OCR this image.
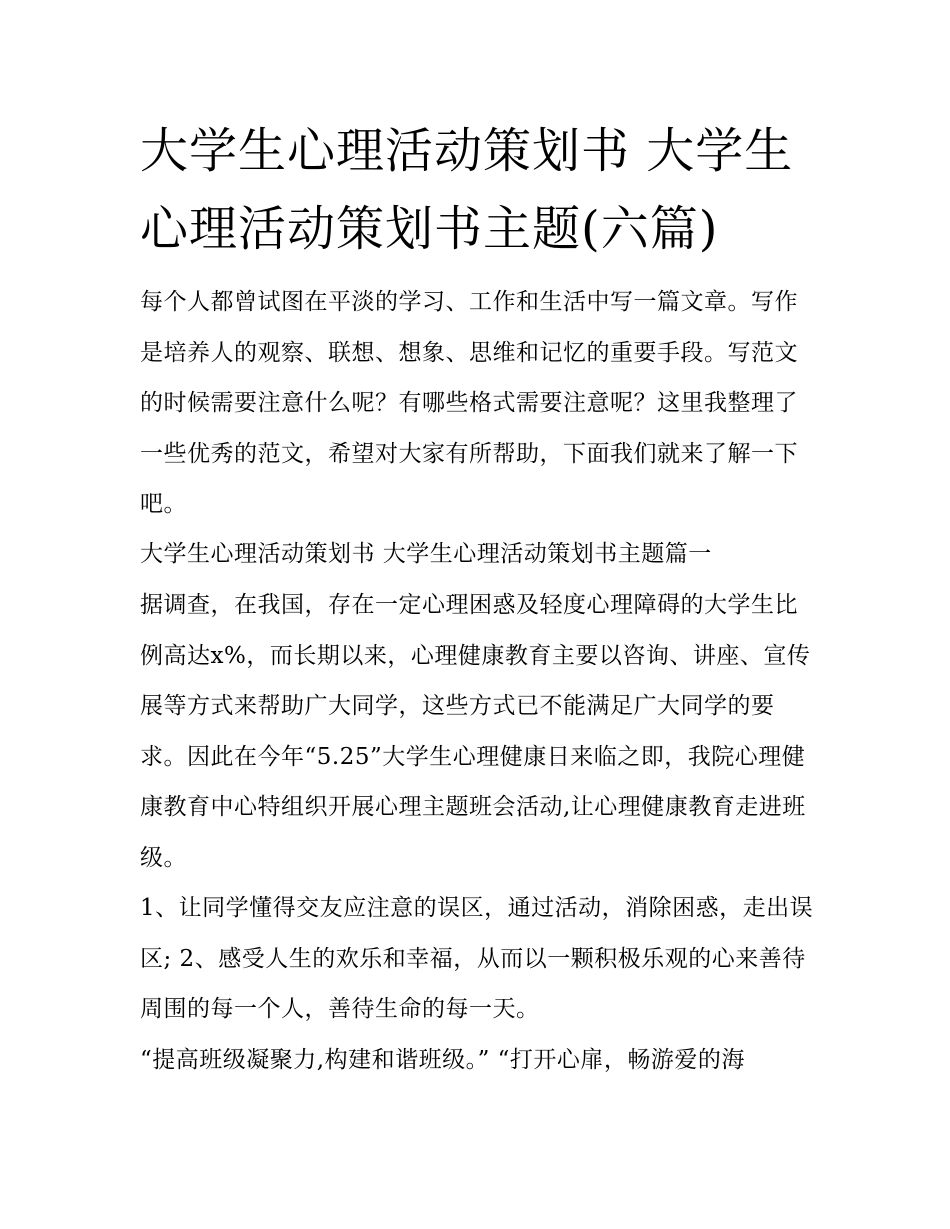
大学生心理活动策划书 大学生心理活动策划书主题(六篇)

每个人都曾试图在平淡的学习、工作和生活中写一篇文章。写作是培养人的观察、联想、想象、思维和记忆的重要手段。写范文的时候需要注意什么呢？有哪些格式需要注意呢？这里我整理了一些优秀的范文，希望对大家有所帮助，下面我们就来了解一下吧。

大学生心理活动策划书 大学生心理活动策划书主题篇一

据调查，在我国，存在一定心理困惑及轻度心理障碍的大学生比例高达x%，而长期以来，心理健康教育主要以咨询、讲座、宣传展等方式来帮助广大同学，这些方式已不能满足广大同学的要求。因此在今年“5.25”大学生心理健康日来临之即，我院心理健康教育中心特组织开展心理主题班会活动,让心理健康教育走进班级。

1、让同学懂得交友应注意的误区，通过活动，消除困惑，走出误区; 2、感受人生的欢乐和幸福，从而以一颗积极乐观的心来善待周围的每一个人，善待生命的每一天。

“提高班级凝聚力,构建和谐班级。” “打开心扉，畅游爱的海
